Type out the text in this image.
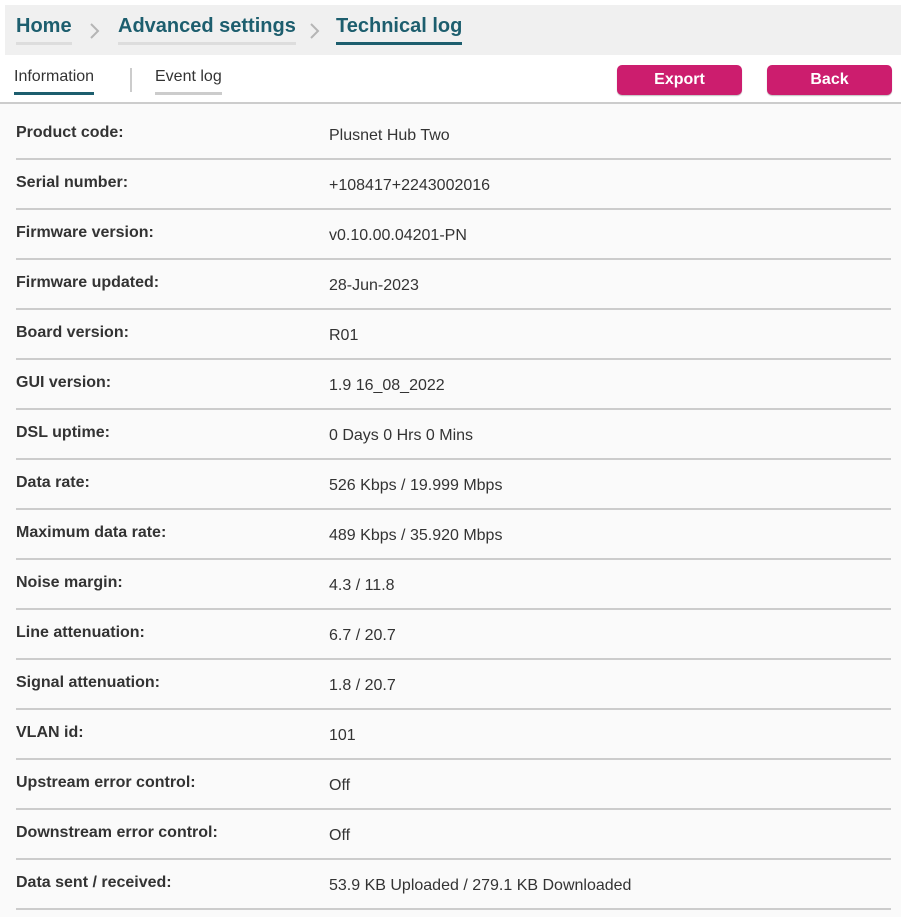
Home Advanced settings Technical log
Information	Event log	Export	Back
Product code:	Plusnet Hub Two
Serial number:	+108417+2243002016
Firmware version:	v0.10.00.04201-PN
Firmware updated:	28-Jun-2023
Board version:	R01
GUI version:	1.9 16_08_2022
DSL uptime:	0 Days 0 Hrs 0 Mins
Data rate:	526 Kbps / 19.999 Mbps
Maximum data rate:	489 Kbps / 35.920 Mbps
Noise margin:	4.3 / 11.8
Line attenuation:	6.7 / 20.7
Signal attenuation:	1.8 / 20.7
VLAN id:	101
Upstream error control:	Off
Downstream error control:	Off
Data sent / received:	53.9 KB Uploaded / 279.1 KB Downloaded
